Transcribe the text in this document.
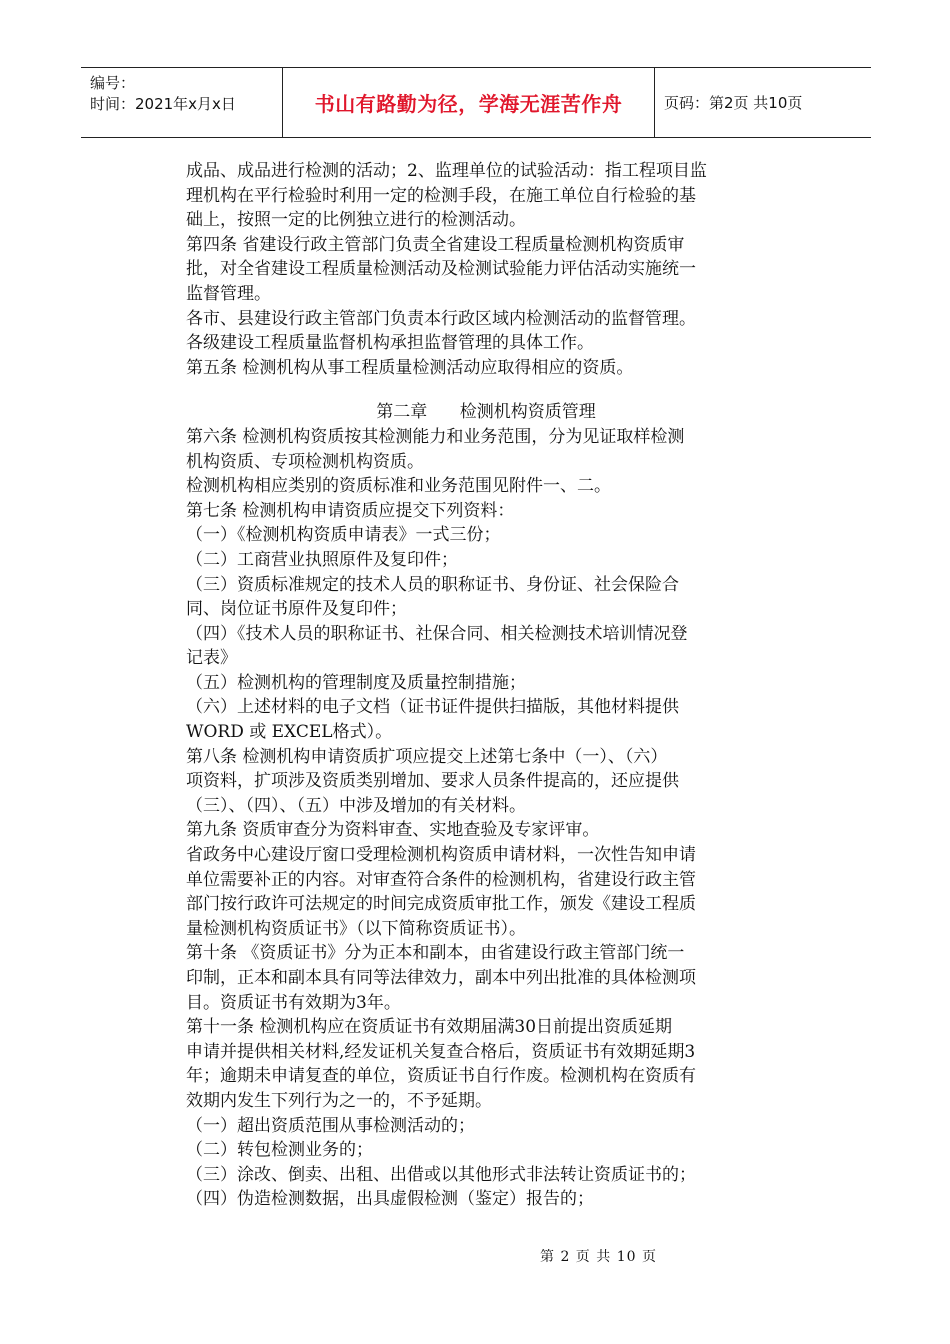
编号：
时间：2021年x月x日	书山有路勤为径，学海无涯苦作舟	页码：第2页 共10页
成品、成品进行检测的活动；2、监理单位的试验活动：指工程项目监
理机构在平行检验时利用一定的检测手段，在施工单位自行检验的基
础上，按照一定的比例独立进行的检测活动。
第四条 省建设行政主管部门负责全省建设工程质量检测机构资质审
批，对全省建设工程质量检测活动及检测试验能力评估活动实施统一
监督管理。
各市、县建设行政主管部门负责本行政区域内检测活动的监督管理。
各级建设工程质量监督机构承担监督管理的具体工作。
第五条 检测机构从事工程质量检测活动应取得相应的资质。
第二章      检测机构资质管理
第六条 检测机构资质按其检测能力和业务范围，分为见证取样检测
机构资质、专项检测机构资质。
检测机构相应类别的资质标准和业务范围见附件一、二。
第七条 检测机构申请资质应提交下列资料：
（一）《检测机构资质申请表》一式三份；
（二）工商营业执照原件及复印件；
（三）资质标准规定的技术人员的职称证书、身份证、社会保险合
同、岗位证书原件及复印件；
（四）《技术人员的职称证书、社保合同、相关检测技术培训情况登
记表》
（五）检测机构的管理制度及质量控制措施；
（六）上述材料的电子文档（证书证件提供扫描版，其他材料提供
WORD 或 EXCEL格式）。
第八条 检测机构申请资质扩项应提交上述第七条中（一）、（六）
项资料，扩项涉及资质类别增加、要求人员条件提高的，还应提供
（三）、（四）、（五）中涉及增加的有关材料。
第九条 资质审查分为资料审查、实地查验及专家评审。
省政务中心建设厅窗口受理检测机构资质申请材料，一次性告知申请
单位需要补正的内容。对审查符合条件的检测机构，省建设行政主管
部门按行政许可法规定的时间完成资质审批工作，颁发《建设工程质
量检测机构资质证书》（以下简称资质证书）。
第十条 《资质证书》分为正本和副本，由省建设行政主管部门统一
印制，正本和副本具有同等法律效力，副本中列出批准的具体检测项
目。资质证书有效期为3年。
第十一条 检测机构应在资质证书有效期届满30日前提出资质延期
申请并提供相关材料,经发证机关复查合格后，资质证书有效期延期3
年；逾期未申请复查的单位，资质证书自行作废。检测机构在资质有
效期内发生下列行为之一的，不予延期。
（一）超出资质范围从事检测活动的；
（二）转包检测业务的；
（三）涂改、倒卖、出租、出借或以其他形式非法转让资质证书的；
（四）伪造检测数据，出具虚假检测（鉴定）报告的；
第 2 页 共 10 页
